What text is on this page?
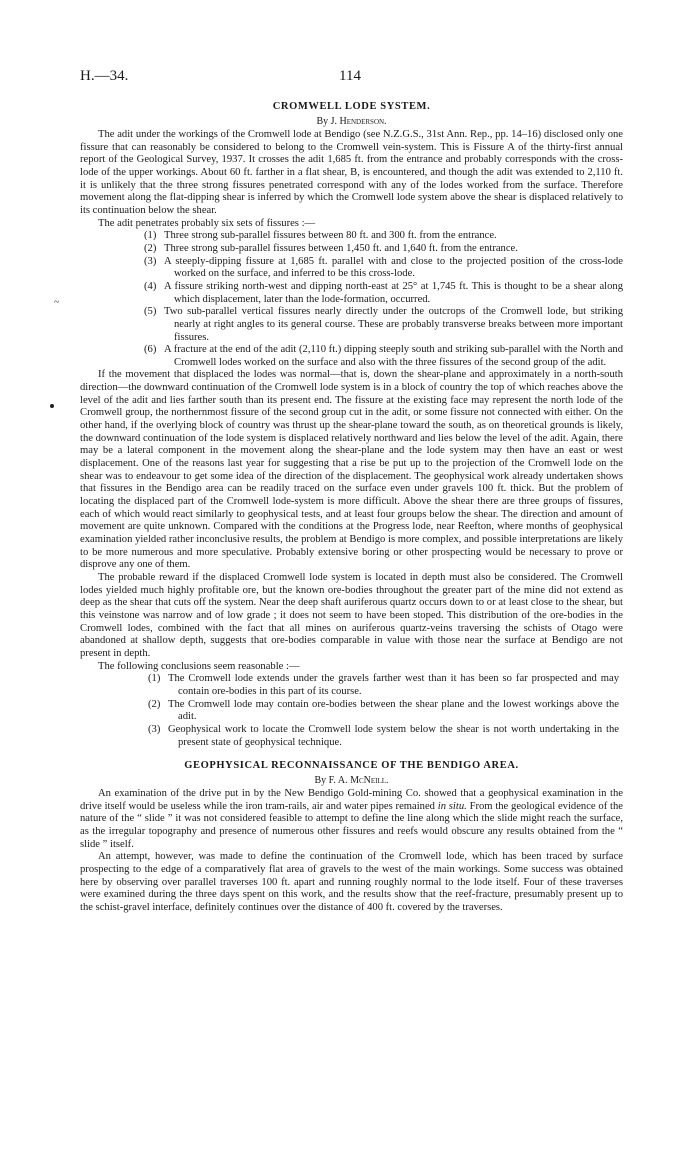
H.—34.	114
~
CROMWELL LODE SYSTEM.
By J. Henderson.

The adit under the workings of the Cromwell lode at Bendigo (see N.Z.G.S., 31st Ann. Rep., pp. 14–16) disclosed only one fissure that can reasonably be considered to belong to the Cromwell vein-system. This is Fissure A of the thirty-first annual report of the Geological Survey, 1937. It crosses the adit 1,685 ft. from the entrance and probably corresponds with the cross-lode of the upper workings. About 60 ft. farther in a flat shear, B, is encountered, and though the adit was extended to 2,110 ft. it is unlikely that the three strong fissures penetrated correspond with any of the lodes worked from the surface. Therefore movement along the flat-dipping shear is inferred by which the Cromwell lode system above the shear is displaced relatively to its continuation below the shear.

The adit penetrates probably six sets of fissures :—

(1) Three strong sub-parallel fissures between 80 ft. and 300 ft. from the entrance.
(2) Three strong sub-parallel fissures between 1,450 ft. and 1,640 ft. from the entrance.
(3) A steeply-dipping fissure at 1,685 ft. parallel with and close to the projected position of the cross-lode worked on the surface, and inferred to be this cross-lode.
(4) A fissure striking north-west and dipping north-east at 25° at 1,745 ft. This is thought to be a shear along which displacement, later than the lode-formation, occurred.
(5) Two sub-parallel vertical fissures nearly directly under the outcrops of the Cromwell lode, but striking nearly at right angles to its general course. These are probably transverse breaks between more important fissures.
(6) A fracture at the end of the adit (2,110 ft.) dipping steeply south and striking sub-parallel with the North and Cromwell lodes worked on the surface and also with the three fissures of the second group of the adit.

If the movement that displaced the lodes was normal—that is, down the shear-plane and approximately in a north-south direction—the downward continuation of the Cromwell lode system is in a block of country the top of which reaches above the level of the adit and lies farther south than its present end. The fissure at the existing face may represent the north lode of the Cromwell group, the northernmost fissure of the second group cut in the adit, or some fissure not connected with either. On the other hand, if the overlying block of country was thrust up the shear-plane toward the south, as on theoretical grounds is likely, the downward continuation of the lode system is displaced relatively northward and lies below the level of the adit. Again, there may be a lateral component in the movement along the shear-plane and the lode system may then have an east or west displacement. One of the reasons last year for suggesting that a rise be put up to the projection of the Cromwell lode on the shear was to endeavour to get some idea of the direction of the displacement. The geophysical work already undertaken shows that fissures in the Bendigo area can be readily traced on the surface even under gravels 100 ft. thick. But the problem of locating the displaced part of the Cromwell lode-system is more difficult. Above the shear there are three groups of fissures, each of which would react similarly to geophysical tests, and at least four groups below the shear. The direction and amount of movement are quite unknown. Compared with the conditions at the Progress lode, near Reefton, where months of geophysical examination yielded rather inconclusive results, the problem at Bendigo is more complex, and possible interpretations are likely to be more numerous and more speculative. Probably extensive boring or other prospecting would be necessary to prove or disprove any one of them.

The probable reward if the displaced Cromwell lode system is located in depth must also be considered. The Cromwell lodes yielded much highly profitable ore, but the known ore-bodies throughout the greater part of the mine did not extend as deep as the shear that cuts off the system. Near the deep shaft auriferous quartz occurs down to or at least close to the shear, but this veinstone was narrow and of low grade ; it does not seem to have been stoped. This distribution of the ore-bodies in the Cromwell lodes, combined with the fact that all mines on auriferous quartz-veins traversing the schists of Otago were abandoned at shallow depth, suggests that ore-bodies comparable in value with those near the surface at Bendigo are not present in depth.

The following conclusions seem reasonable :—

(1) The Cromwell lode extends under the gravels farther west than it has been so far prospected and may contain ore-bodies in this part of its course.
(2) The Cromwell lode may contain ore-bodies between the shear plane and the lowest workings above the adit.
(3) Geophysical work to locate the Cromwell lode system below the shear is not worth undertaking in the present state of geophysical technique.
GEOPHYSICAL RECONNAISSANCE OF THE BENDIGO AREA.
By F. A. McNeill.

An examination of the drive put in by the New Bendigo Gold-mining Co. showed that a geophysical examination in the drive itself would be useless while the iron tram-rails, air and water pipes remained in situ. From the geological evidence of the nature of the “ slide ” it was not considered feasible to attempt to define the line along which the slide might reach the surface, as the irregular topography and presence of numerous other fissures and reefs would obscure any results obtained from the “ slide ” itself.

An attempt, however, was made to define the continuation of the Cromwell lode, which has been traced by surface prospecting to the edge of a comparatively flat area of gravels to the west of the main workings. Some success was obtained here by observing over parallel traverses 100 ft. apart and running roughly normal to the lode itself. Four of these traverses were examined during the three days spent on this work, and the results show that the reef-fracture, presumably present up to the schist-gravel interface, definitely continues over the distance of 400 ft. covered by the traverses.
